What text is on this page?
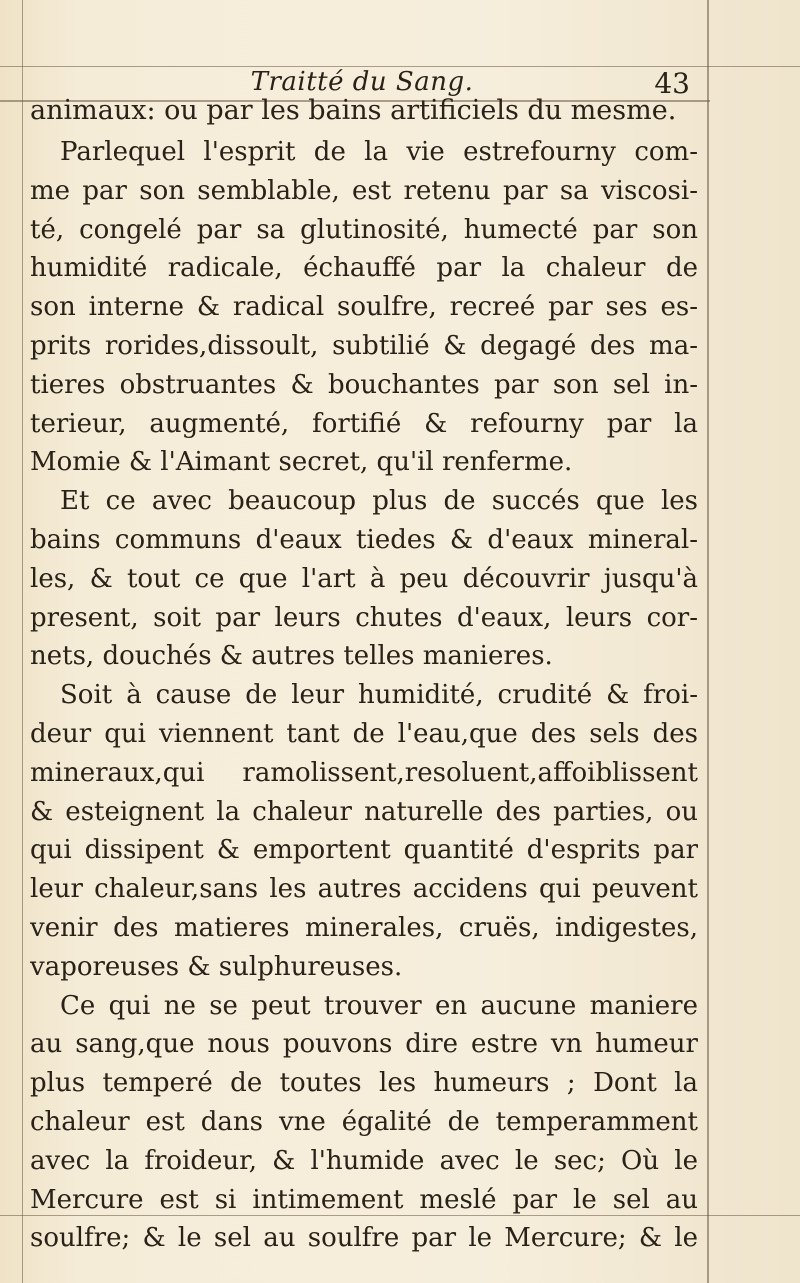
Traitté du Sang.	43
animaux: ou par les bains artificiels du mesme.
Parlequel l'esprit de la vie estrefourny com-
me par son semblable, est retenu par sa viscosi-
té, congelé par sa glutinosité, humecté par son
humidité radicale, échauffé par la chaleur de
son interne & radical soulfre, recreé par ses es-
prits rorides,dissoult, subtilié & degagé des ma-
tieres obstruantes & bouchantes par son sel in-
terieur, augmenté, fortifié & refourny par la
Momie & l'Aimant secret, qu'il renferme.
Et ce avec beaucoup plus de succés que les
bains communs d'eaux tiedes & d'eaux mineral-
les, & tout ce que l'art à peu découvrir jusqu'à
present, soit par leurs chutes d'eaux, leurs cor-
nets, douchés & autres telles manieres.
Soit à cause de leur humidité, crudité & froi-
deur qui viennent tant de l'eau,que des sels des
mineraux,qui ramolissent,resoluent,affoiblissent
& esteignent la chaleur naturelle des parties, ou
qui dissipent & emportent quantité d'esprits par
leur chaleur,sans les autres accidens qui peuvent
venir des matieres minerales, cruës, indigestes,
vaporeuses & sulphureuses.
Ce qui ne se peut trouver en aucune maniere
au sang,que nous pouvons dire estre vn humeur
plus temperé de toutes les humeurs ; Dont la
chaleur est dans vne égalité de temperamment
avec la froideur, & l'humide avec le sec; Où le
Mercure est si intimement meslé par le sel au
soulfre; & le sel au soulfre par le Mercure; & le
